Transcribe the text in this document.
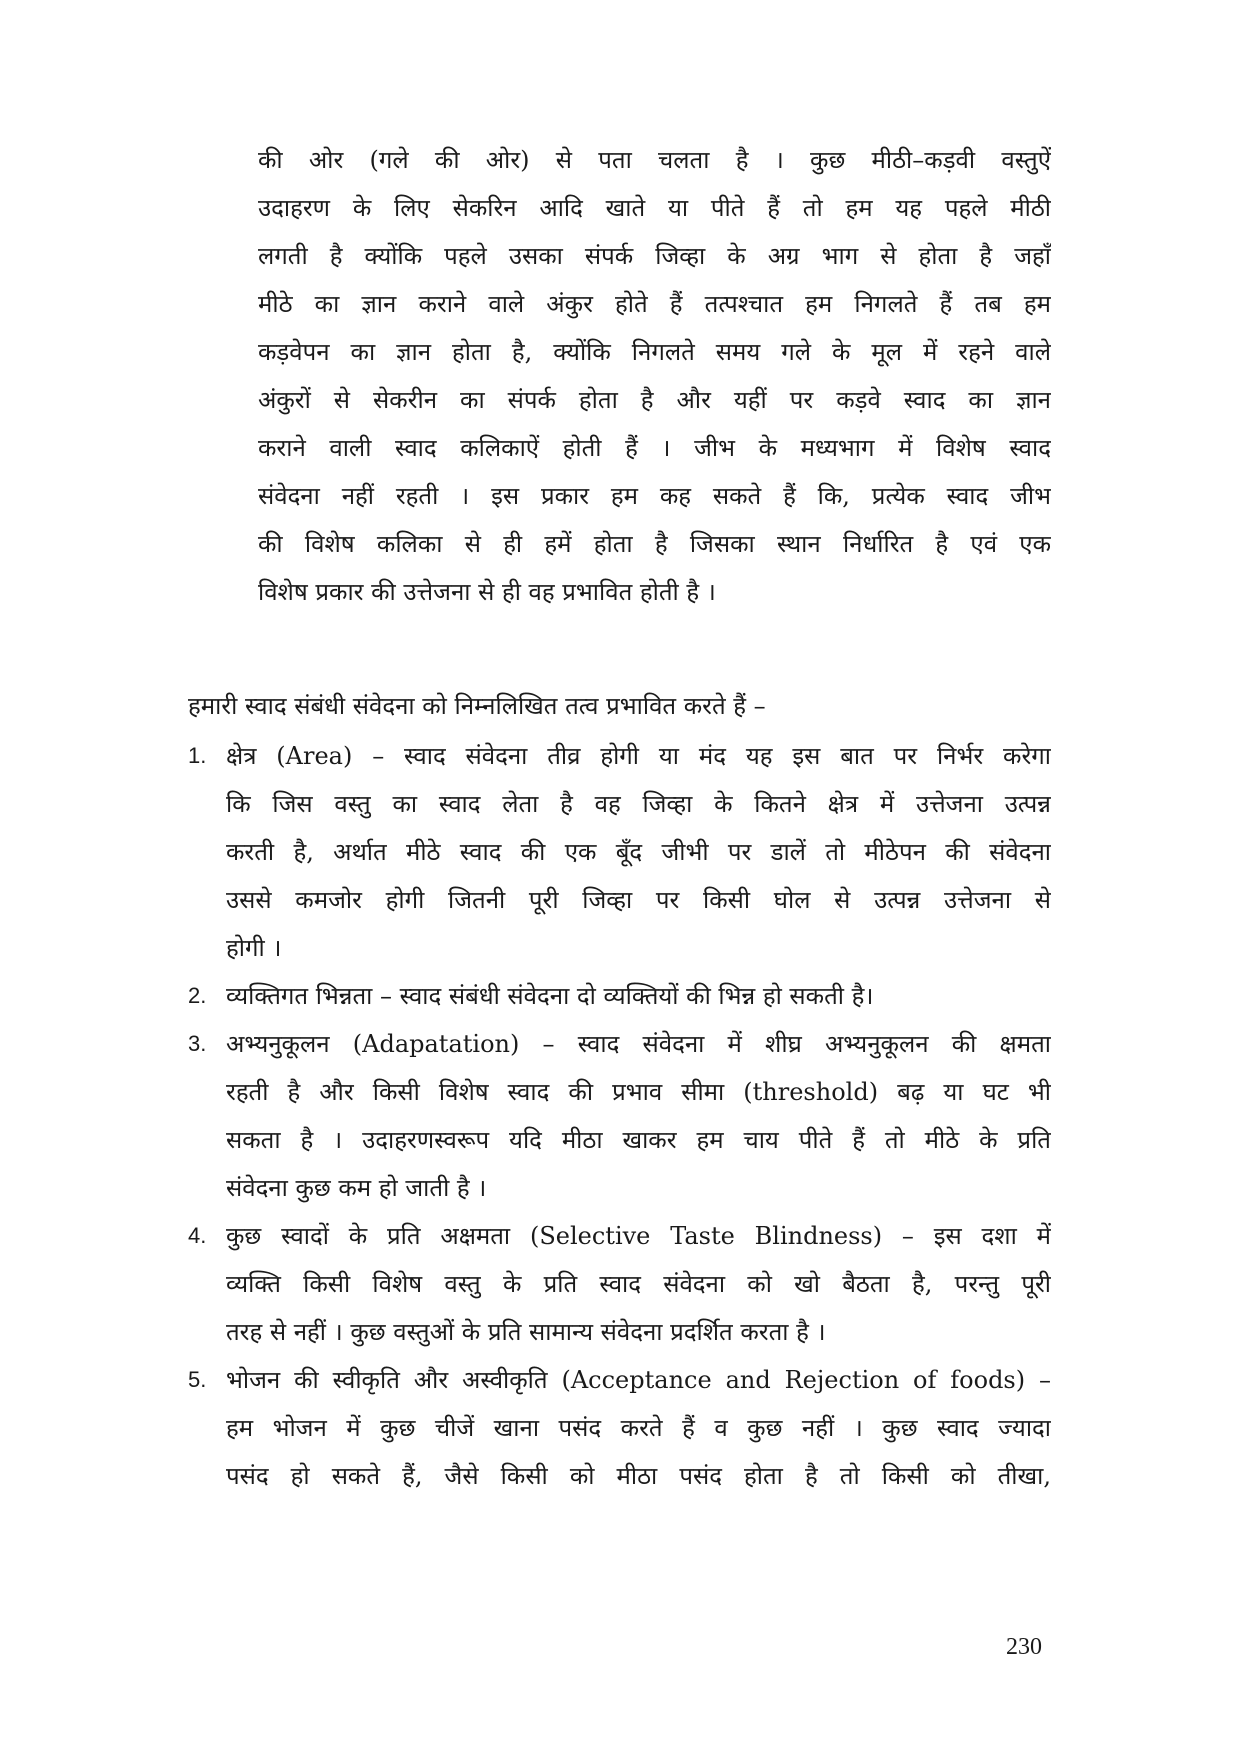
की ओर (गले की ओर) से पता चलता है । कुछ मीठी–कड़वी वस्तुऐं
उदाहरण के लिए सेकरिन आदि खाते या पीते हैं तो हम यह पहले मीठी
लगती है क्योंकि पहले उसका संपर्क जिव्हा के अग्र भाग से होता है जहाँ
मीठे का ज्ञान कराने वाले अंकुर होते हैं तत्पश्चात हम निगलते हैं तब हम
कड़वेपन का ज्ञान होता है, क्योंकि निगलते समय गले के मूल में रहने वाले
अंकुरों से सेकरीन का संपर्क होता है और यहीं पर कड़वे स्वाद का ज्ञान
कराने वाली स्वाद कलिकाऐं होती हैं । जीभ के मध्यभाग में विशेष स्वाद
संवेदना नहीं रहती । इस प्रकार हम कह सकते हैं कि, प्रत्येक स्वाद जीभ
की विशेष कलिका से ही हमें होता है जिसका स्थान निर्धारित है एवं एक
विशेष प्रकार की उत्तेजना से ही वह प्रभावित होती है ।
हमारी स्वाद संबंधी संवेदना को निम्नलिखित तत्व प्रभावित करते हैं –
1. क्षेत्र (Area) – स्वाद संवेदना तीव्र होगी या मंद यह इस बात पर निर्भर करेगा
कि जिस वस्तु का स्वाद लेता है वह जिव्हा के कितने क्षेत्र में उत्तेजना उत्पन्न
करती है, अर्थात मीठे स्वाद की एक बूँद जीभी पर डालें तो मीठेपन की संवेदना
उससे कमजोर होगी जितनी पूरी जिव्हा पर किसी घोल से उत्पन्न उत्तेजना से
होगी ।
2. व्यक्तिगत भिन्नता – स्वाद संबंधी संवेदना दो व्यक्तियों की भिन्न हो सकती है।
3. अभ्यनुकूलन (Adapatation) – स्वाद संवेदना में शीघ्र अभ्यनुकूलन की क्षमता
रहती है और किसी विशेष स्वाद की प्रभाव सीमा (threshold) बढ़ या घट भी
सकता है । उदाहरणस्वरूप यदि मीठा खाकर हम चाय पीते हैं तो मीठे के प्रति
संवेदना कुछ कम हो जाती है ।
4. कुछ स्वादों के प्रति अक्षमता (Selective Taste Blindness) – इस दशा में
व्यक्ति किसी विशेष वस्तु के प्रति स्वाद संवेदना को खो बैठता है, परन्तु पूरी
तरह से नहीं । कुछ वस्तुओं के प्रति सामान्य संवेदना प्रदर्शित करता है ।
5. भोजन की स्वीकृति और अस्वीकृति (Acceptance and Rejection of foods) –
हम भोजन में कुछ चीजें खाना पसंद करते हैं व कुछ नहीं । कुछ स्वाद ज्यादा
पसंद हो सकते हैं, जैसे किसी को मीठा पसंद होता है तो किसी को तीखा,
230
